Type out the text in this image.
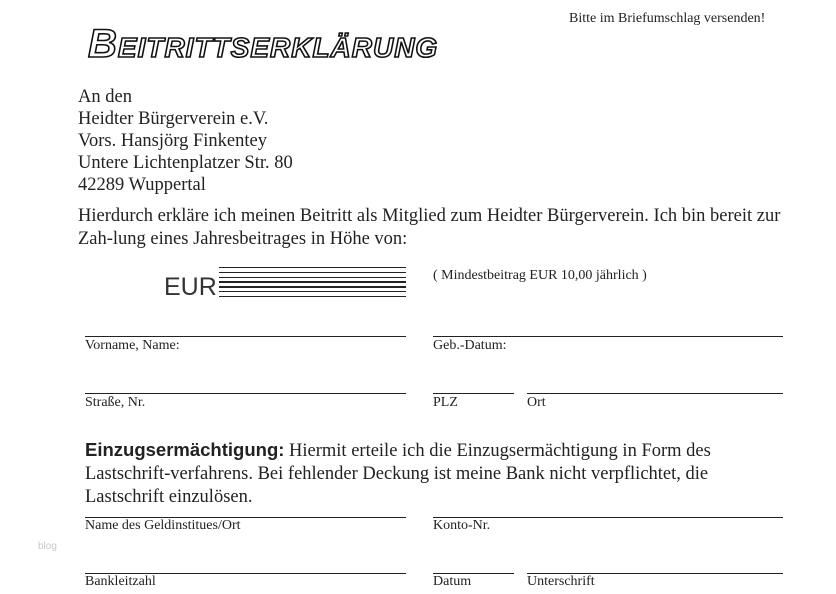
Beitrittserklärung
Bitte im Briefumschlag versenden!
An den
Heidter Bürgerverein e.V.
Vors. Hansjörg Finkentey
Untere Lichtenplatzer Str. 80
42289 Wuppertal
Hierdurch erkläre ich meinen Beitritt als Mitglied zum Heidter Bürgerverein. Ich bin bereit zur Zah-lung eines Jahresbeitrages in Höhe von:
EUR	( Mindestbeitrag EUR 10,00 jährlich )
Vorname, Name:	Geb.-Datum:
Straße, Nr.	PLZ	Ort
Einzugsermächtigung: Hiermit erteile ich die Einzugsermächtigung in Form des Lastschrift-verfahrens. Bei fehlender Deckung ist meine Bank nicht verpflichtet, die Lastschrift einzulösen.
Name des Geldinstitues/Ort	Konto-Nr.
Bankleitzahl	Datum	Unterschrift
blog
